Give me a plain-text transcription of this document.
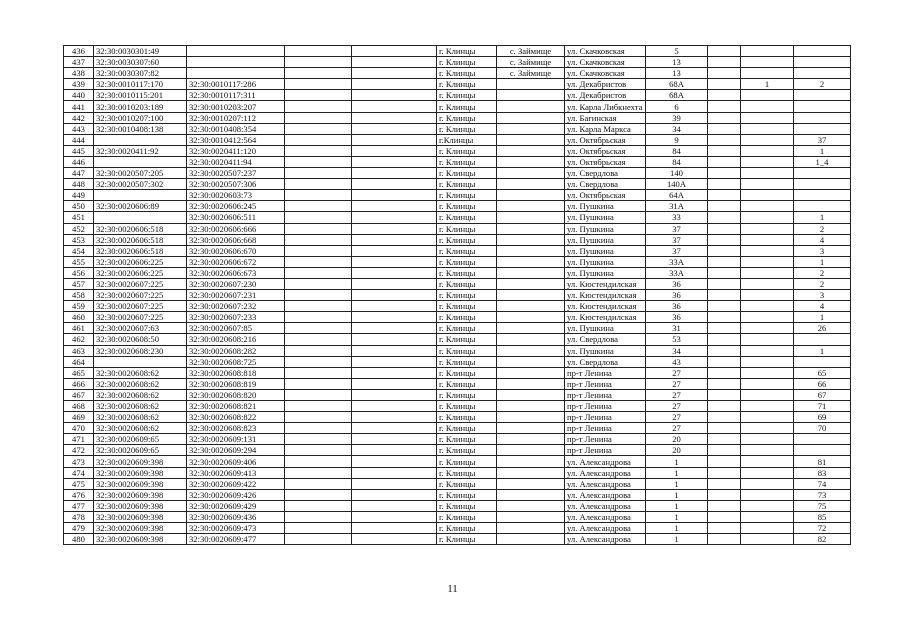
436	32:30:0030301:49				г. Клинцы	с. Займище	ул. Скачковская	5			
437	32:30:0030307:60				г. Клинцы	с. Займище	ул. Скачковская	13			
438	32:30:0030307:82				г. Клинцы	с. Займище	ул. Скачковская	13			
439	32:30:0010117:170	32:30:0010117:286			г. Клинцы		ул. Декабристов	68А		1	2
440	32:30:0010115:201	32:30:0010117:311			г. Клинцы		ул. Декабристов	68А			
441	32:30:0010203:189	32:30:0010203:207			г. Клинцы		ул. Карла Либкнехта	6			
442	32:30:0010207:100	32:30:0010207:112			г. Клинцы		ул. Багинская	39			
443	32:30:0010408:138	32:30:0010408:354			г. Клинцы		ул. Карла Маркса	34			
444		32:30:0010412:564			г.Клинцы		ул. Октябрьская	9			37
445	32:30:0020411:92	32:30:0020411:120			г. Клинцы		ул. Октябрьская	84			1
446		32:30:0020411:94			г. Клинцы		ул. Октябрьская	84			1_4
447	32:30:0020507:205	32:30:0020507:237			г. Клинцы		ул. Свердлова	140			
448	32:30:0020507:302	32:30:0020507:306			г. Клинцы		ул. Свердлова	140А			
449		32:30:0020603:73			г. Клинцы		ул. Октябрьская	64А			
450	32:30:0020606:89	32:30:0020606:245			г. Клинцы		ул. Пушкина	31А			
451		32:30:0020606:511			г. Клинцы		ул. Пушкина	33			1
452	32:30:0020606:518	32:30:0020606:666			г. Клинцы		ул. Пушкина	37			2
453	32:30:0020606:518	32:30:0020606:668			г. Клинцы		ул. Пушкина	37			4
454	32:30:0020606:518	32:30:0020606:670			г. Клинцы		ул. Пушкина	37			3
455	32:30:0020606:225	32:30:0020606:672			г. Клинцы		ул. Пушкина	33А			1
456	32:30:0020606:225	32:30:0020606:673			г. Клинцы		ул. Пушкина	33А			2
457	32:30:0020607:225	32:30:0020607:230			г. Клинцы		ул. Кюстендилская	36			2
458	32:30:0020607:225	32:30:0020607:231			г. Клинцы		ул. Кюстендилская	36			3
459	32:30:0020607:225	32:30:0020607:232			г. Клинцы		ул. Кюстендилская	36			4
460	32:30:0020607:225	32:30:0020607:233			г. Клинцы		ул. Кюстендилская	36			1
461	32:30:0020607:63	32:30:0020607:85			г. Клинцы		ул. Пушкина	31			26
462	32:30:0020608:50	32:30:0020608:216			г. Клинцы		ул. Свердлова	53			
463	32:30:0020608:230	32:30:0020608:282			г. Клинцы		ул. Пушкина	34			1
464		32:30:0020608:725			г. Клинцы		ул. Свердлова	43			
465	32:30:0020608:62	32:30:0020608:818			г. Клинцы		пр-т Ленина	27			65
466	32:30:0020608:62	32:30:0020608:819			г. Клинцы		пр-т Ленина	27			66
467	32:30:0020608:62	32:30:0020608:820			г. Клинцы		пр-т Ленина	27			67
468	32:30:0020608:62	32:30:0020608:821			г. Клинцы		пр-т Ленина	27			71
469	32:30:0020608:62	32:30:0020608:822			г. Клинцы		пр-т Ленина	27			69
470	32:30:0020608:62	32:30:0020608:823			г. Клинцы		пр-т Ленина	27			70
471	32:30:0020609:65	32:30:0020609:131			г. Клинцы		пр-т Ленина	20			
472	32:30:0020609:65	32:30:0020609:294			г. Клинцы		пр-т Ленина	20			
473	32:30:0020609:398	32:30:0020609:406			г. Клинцы		ул. Александрова	1			81
474	32:30:0020609:398	32:30:0020609:413			г. Клинцы		ул. Александрова	1			83
475	32:30:0020609:398	32:30:0020609:422			г. Клинцы		ул. Александрова	1			74
476	32:30:0020609:398	32:30:0020609:426			г. Клинцы		ул. Александрова	1			73
477	32:30:0020609:398	32:30:0020609:429			г. Клинцы		ул. Александрова	1			75
478	32:30:0020609:398	32:30:0020609:436			г. Клинцы		ул. Александрова	1			85
479	32:30:0020609:398	32:30:0020609:473			г. Клинцы		ул. Александрова	1			72
480	32:30:0020609:398	32:30:0020609:477			г. Клинцы		ул. Александрова	1			82
11
